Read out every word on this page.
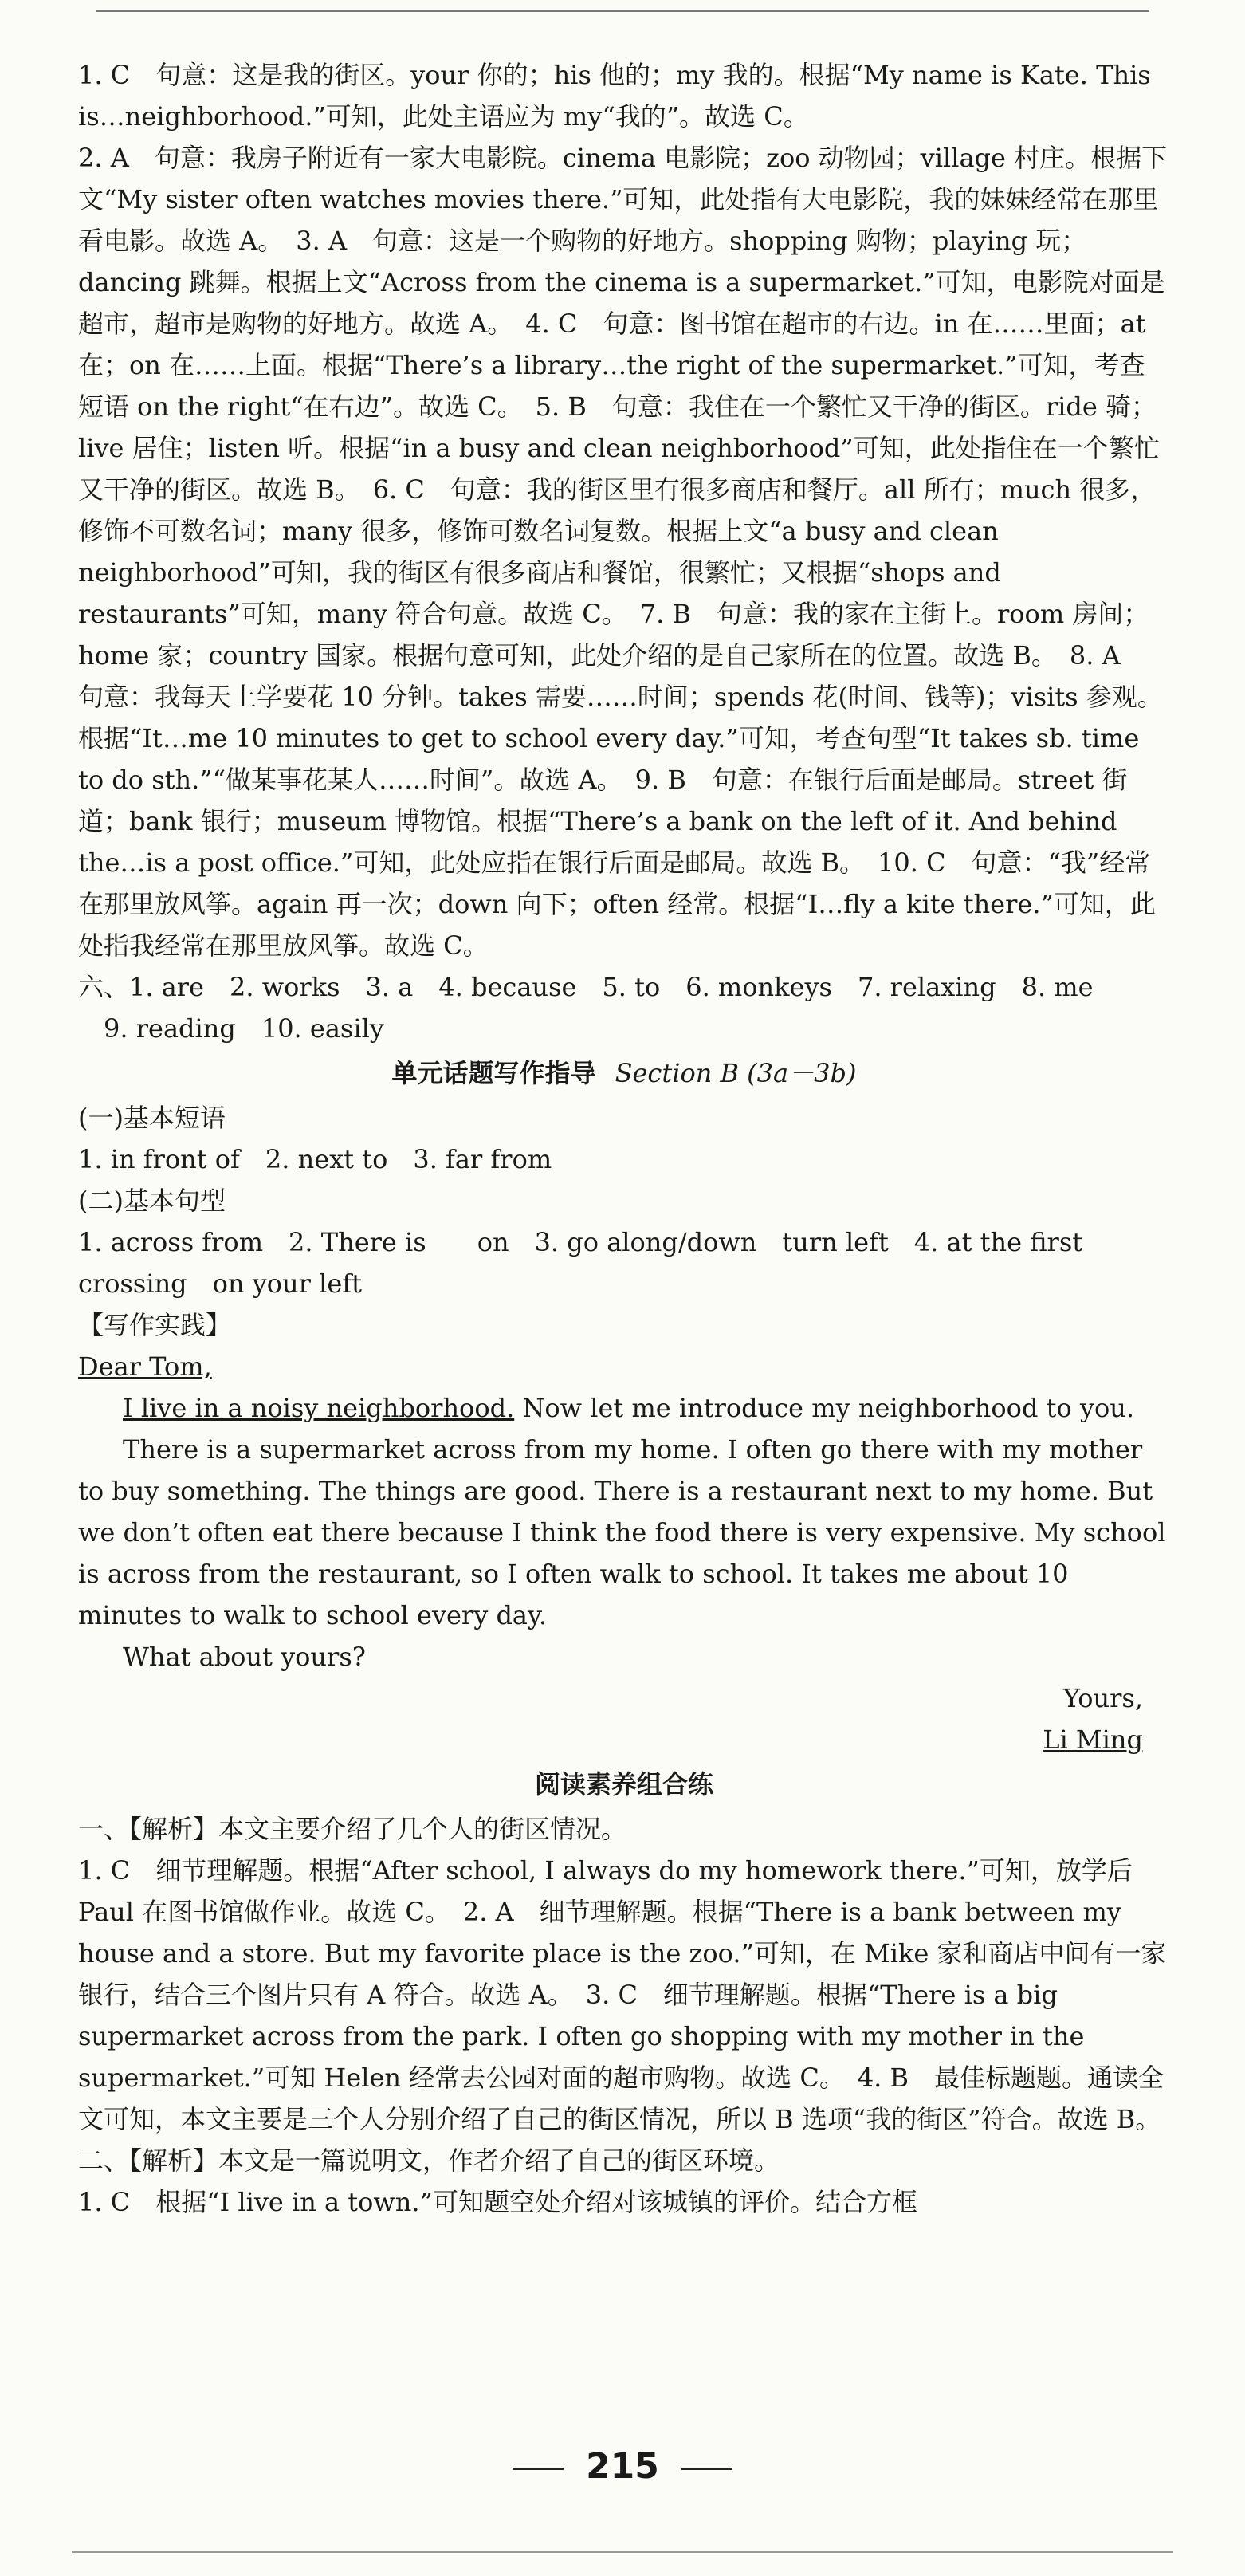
1. C　句意：这是我的街区。your 你的；his 他的；my 我的。根据“My name is Kate. This is…neighborhood.”可知，此处主语应为 my“我的”。故选 C。

2. A　句意：我房子附近有一家大电影院。cinema 电影院；zoo 动物园；village 村庄。根据下文“My sister often watches movies there.”可知，此处指有大电影院，我的妹妹经常在那里看电影。故选 A。　3. A　句意：这是一个购物的好地方。shopping 购物；playing 玩；dancing 跳舞。根据上文“Across from the cinema is a supermarket.”可知，电影院对面是超市，超市是购物的好地方。故选 A。　4. C　句意：图书馆在超市的右边。in 在……里面；at 在；on 在……上面。根据“There’s a library…the right of the supermarket.”可知，考查短语 on the right“在右边”。故选 C。　5. B　句意：我住在一个繁忙又干净的街区。ride 骑；live 居住；listen 听。根据“in a busy and clean neighborhood”可知，此处指住在一个繁忙又干净的街区。故选 B。　6. C　句意：我的街区里有很多商店和餐厅。all 所有；much 很多，修饰不可数名词；many 很多，修饰可数名词复数。根据上文“a busy and clean neighborhood”可知，我的街区有很多商店和餐馆，很繁忙；又根据“shops and restaurants”可知，many 符合句意。故选 C。　7. B　句意：我的家在主街上。room 房间；home 家；country 国家。根据句意可知，此处介绍的是自己家所在的位置。故选 B。　8. A　句意：我每天上学要花 10 分钟。takes 需要……时间；spends 花(时间、钱等)；visits 参观。根据“It…me 10 minutes to get to school every day.”可知，考查句型“It takes sb. time to do sth.”“做某事花某人……时间”。故选 A。　9. B　句意：在银行后面是邮局。street 街道；bank 银行；museum 博物馆。根据“There’s a bank on the left of it. And behind the…is a post office.”可知，此处应指在银行后面是邮局。故选 B。　10. C　句意：“我”经常在那里放风筝。again 再一次；down 向下；often 经常。根据“I…fly a kite there.”可知，此处指我经常在那里放风筝。故选 C。

六、1. are　2. works　3. a　4. because　5. to　6. monkeys　7. relaxing　8. me

9. reading　10. easily

单元话题写作指导 Section B (3a－3b)

(一)基本短语

1. in front of　2. next to　3. far from

(二)基本句型

1. across from　2. There is　　on　3. go along/down　turn left　4. at the first crossing　on your left

【写作实践】

Dear Tom,

I live in a noisy neighborhood. Now let me introduce my neighborhood to you.

There is a supermarket across from my home. I often go there with my mother to buy something. The things are good. There is a restaurant next to my home. But we don’t often eat there because I think the food there is very expensive. My school is across from the restaurant, so I often walk to school. It takes me about 10 minutes to walk to school every day.

What about yours?

Yours,

Li Ming

阅读素养组合练

一、【解析】本文主要介绍了几个人的街区情况。

1. C　细节理解题。根据“After school, I always do my homework there.”可知，放学后 Paul 在图书馆做作业。故选 C。　2. A　细节理解题。根据“There is a bank between my house and a store. But my favorite place is the zoo.”可知，在 Mike 家和商店中间有一家银行，结合三个图片只有 A 符合。故选 A。　3. C　细节理解题。根据“There is a big supermarket across from the park. I often go shopping with my mother in the supermarket.”可知 Helen 经常去公园对面的超市购物。故选 C。　4. B　最佳标题题。通读全文可知，本文主要是三个人分别介绍了自己的街区情况，所以 B 选项“我的街区”符合。故选 B。

二、【解析】本文是一篇说明文，作者介绍了自己的街区环境。

1. C　根据“I live in a town.”可知题空处介绍对该城镇的评价。结合方框

215
